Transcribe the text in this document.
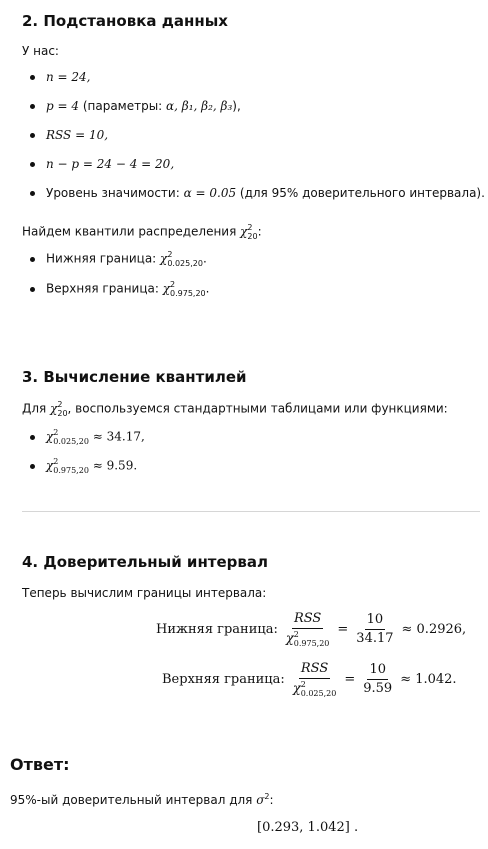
2. Подстановка данных
У нас:
n = 24,
p = 4 (параметры: α, β₁, β₂, β₃),
RSS = 10,
n − p = 24 − 4 = 20,
Уровень значимости: α = 0.05 (для 95% доверительного интервала).
Найдем квантили распределения χ 2
20 :
Нижняя граница: χ 2
0.025,20 .
Верхняя граница: χ 2
0.975,20 .
3. Вычисление квантилей
Для χ 2
20 , воспользуемся стандартными таблицами или функциями:
χ 2
0.025,20 ≈ 34.17,
χ 2
0.975,20 ≈ 9.59.
4. Доверительный интервал
Теперь вычислим границы интервала:
Нижняя граница: RSS
χ 2
$0.975,20 = \frac{10}{34.17} \approx 0.2926$,
Верхняя граница: RSS
χ 2
$0.025,20 = \frac{10}{9.59} \approx 1.042$.
Ответ:
95%-ый доверительный интервал для $\sigma^2$:
[0.293, 1.042] .
